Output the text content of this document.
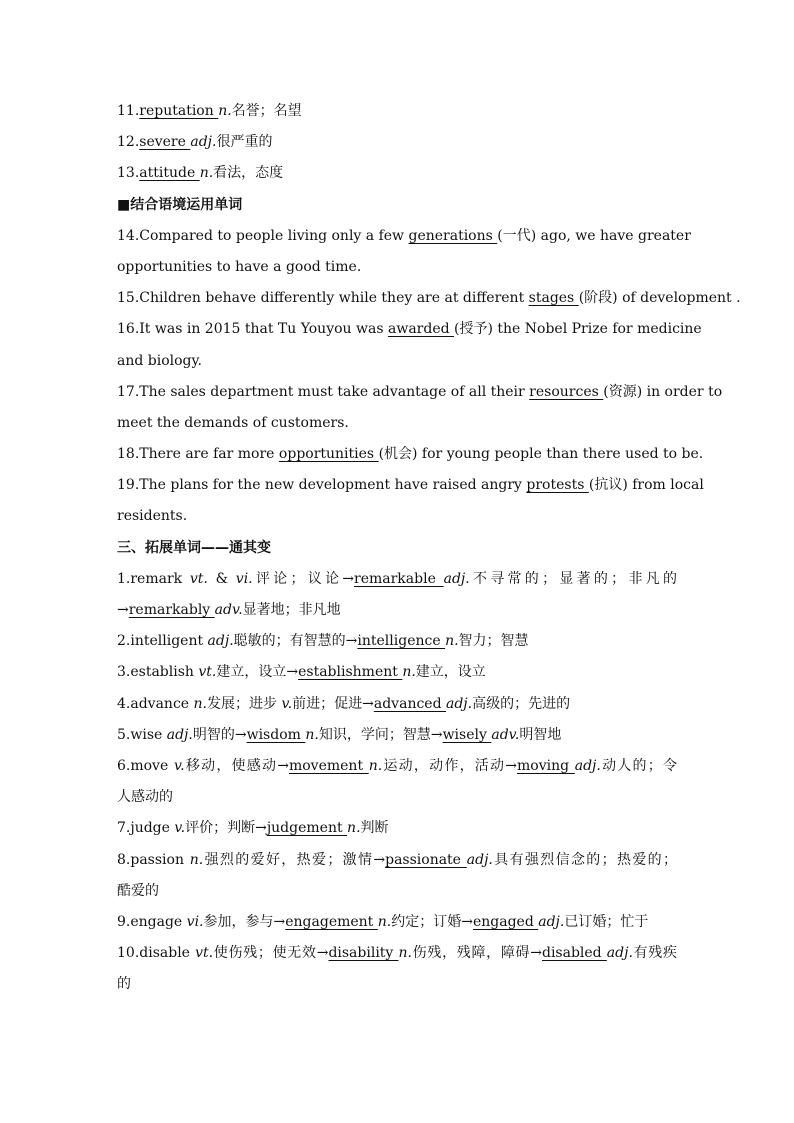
11.reputation n.名誉；名望
12.severe adj.很严重的
13.attitude n.看法，态度
■结合语境运用单词
14.Compared to people living only a few generations (一代) ago, we have greater
opportunities to have a good time.
15.Children behave differently while they are at different stages (阶段) of development .
16.It was in 2015 that Tu Youyou was awarded (授予) the Nobel Prize for medicine
and biology.
17.The sales department must take advantage of all their resources (资源) in order to
meet the demands of customers.
18.There are far more opportunities (机会) for young people than there used to be.
19.The plans for the new development have raised angry protests (抗议) from local
residents.
三、拓展单词——通其变
1.remark vt. & vi.评论；议论→remarkable adj.不寻常的；显著的；非凡的
→remarkably adv.显著地；非凡地
2.intelligent adj.聪敏的；有智慧的→intelligence n.智力；智慧
3.establish vt.建立，设立→establishment n.建立，设立
4.advance n.发展；进步 v.前进；促进→advanced adj.高级的；先进的
5.wise adj.明智的→wisdom n.知识，学问；智慧→wisely adv.明智地
6.move v.移动，使感动→movement n.运动，动作，活动→moving adj.动人的；令
人感动的
7.judge v.评价；判断→judgement n.判断
8.passion n.强烈的爱好，热爱；激情→passionate adj.具有强烈信念的；热爱的；
酷爱的
9.engage vi.参加，参与→engagement n.约定；订婚→engaged adj.已订婚；忙于
10.disable vt.使伤残；使无效→disability n.伤残，残障，障碍→disabled adj.有残疾
的
